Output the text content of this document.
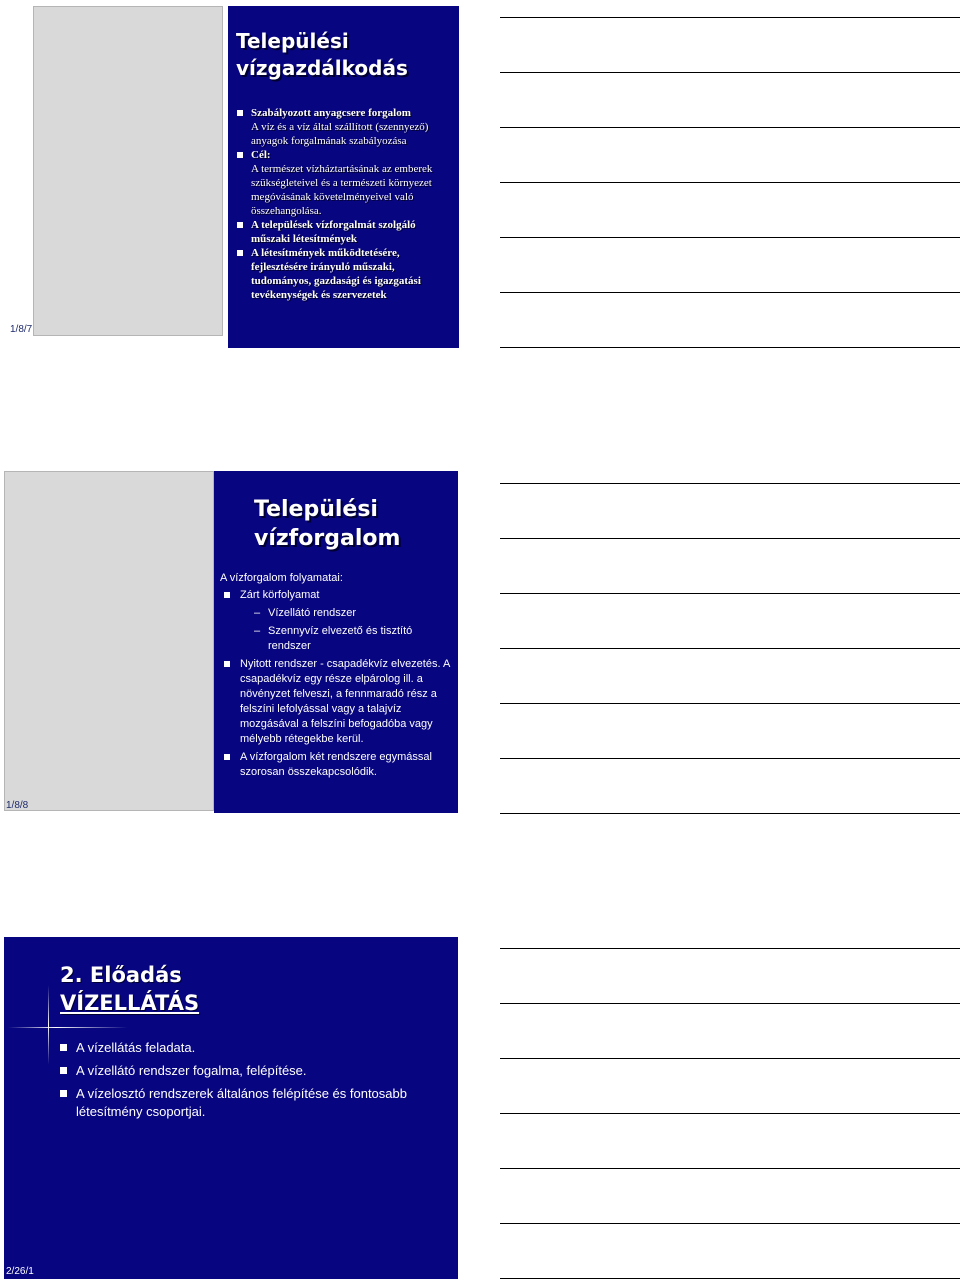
Települési
vízgazdálkodás
Szabályozott anyagcsere forgalom
A víz és a víz által szállított (szennyező) anyagok forgalmának szabályozása
Cél:
A természet vízháztartásának az emberek szükségleteivel és a természeti környezet megóvásának követelményeivel való összehangolása.
A települések vízforgalmát szolgáló műszaki létesítmények
A létesítmények működtetésére, fejlesztésére irányuló műszaki, tudományos, gazdasági és igazgatási tevékenységek és szervezetek
1/8/7
Települési
vízforgalom
A vízforgalom folyamatai:
Zárt körfolyamat
– Vízellátó rendszer
– Szennyvíz elvezető és tisztító rendszer
Nyitott rendszer - csapadékvíz elvezetés. A csapadékvíz egy része elpárolog ill. a növényzet felveszi, a fennmaradó rész a felszíni lefolyással vagy a talajvíz mozgásával a felszíni befogadóba vagy mélyebb rétegekbe kerül.
A vízforgalom két rendszere egymással szorosan összekapcsolódik.
1/8/8
2. Előadás
VÍZELLÁTÁS
A vízellátás feladata.
A vízellátó rendszer fogalma, felépítése.
A vízelosztó rendszerek általános felépítése és fontosabb létesítmény csoportjai.
2/26/1
